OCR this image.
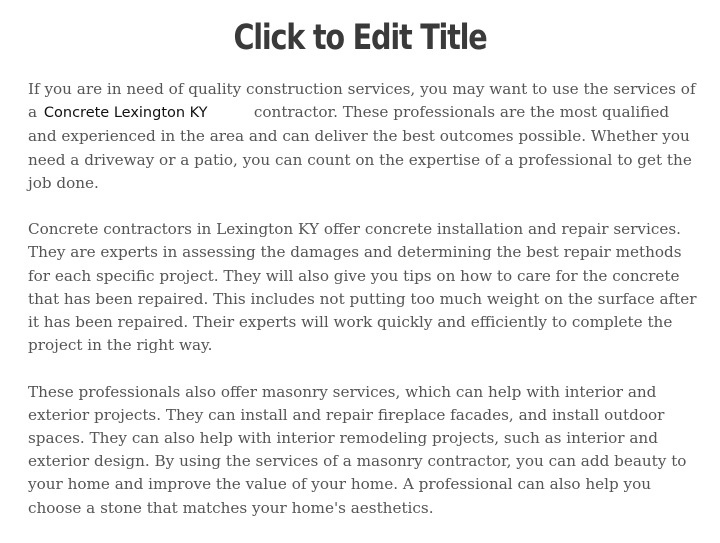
Click to Edit Title

If you are in need of quality construction services, you may want to use the services of a Concrete Lexington KY	contractor. These professionals are the most qualified and experienced in the area and can deliver the best outcomes possible. Whether you need a driveway or a patio, you can count on the expertise of a professional to get the job done.

Concrete contractors in Lexington KY offer concrete installation and repair services. They are experts in assessing the damages and determining the best repair methods for each specific project. They will also give you tips on how to care for the concrete that has been repaired. This includes not putting too much weight on the surface after it has been repaired. Their experts will work quickly and efficiently to complete the project in the right way.

These professionals also offer masonry services, which can help with interior and exterior projects. They can install and repair fireplace facades, and install outdoor spaces. They can also help with interior remodeling projects, such as interior and exterior design. By using the services of a masonry contractor, you can add beauty to your home and improve the value of your home. A professional can also help you choose a stone that matches your home's aesthetics.
